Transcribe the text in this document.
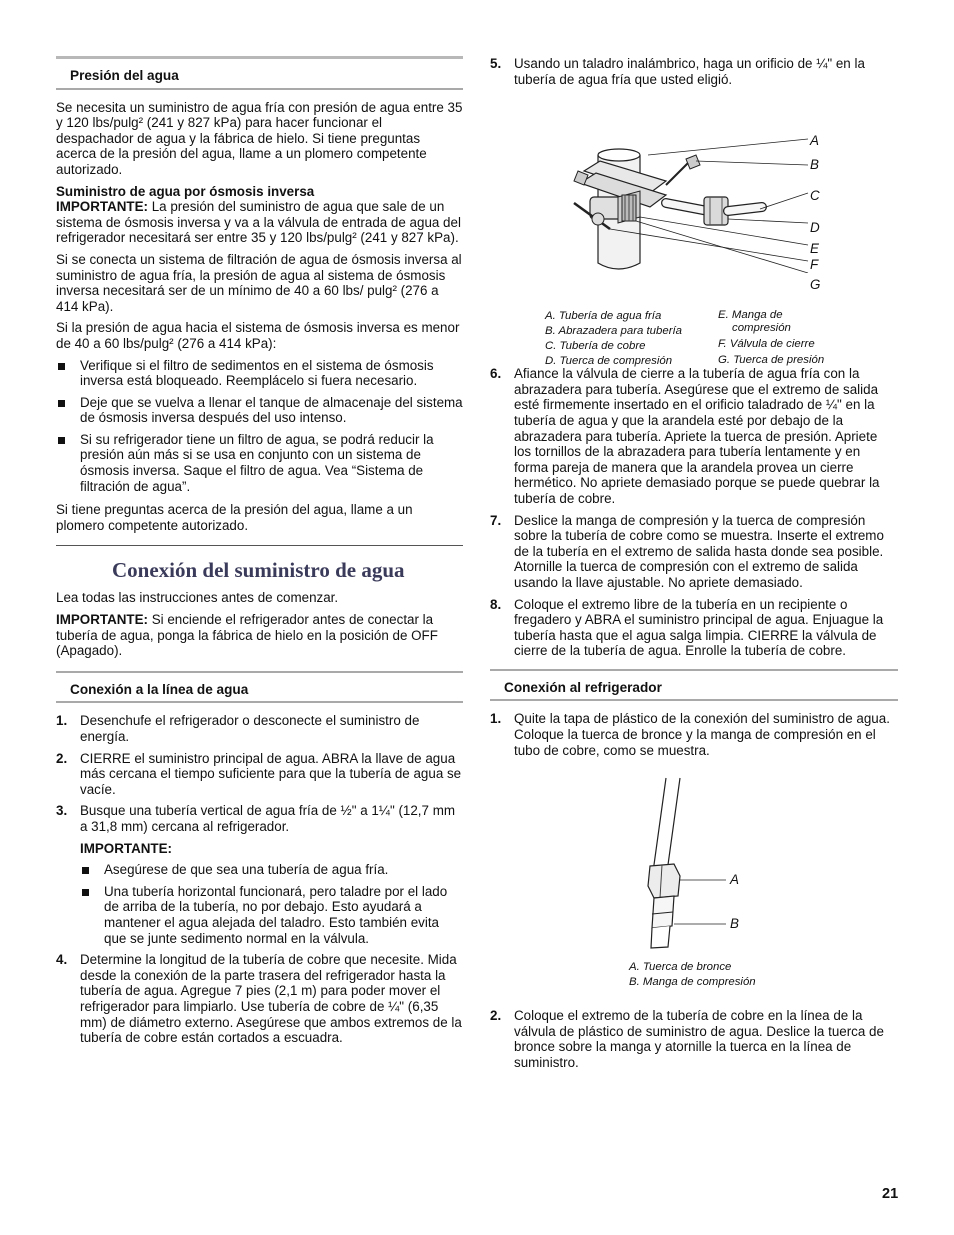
Presión del agua

Se necesita un suministro de agua fría con presión de agua entre 35 y 120 lbs/pulg² (241 y 827 kPa) para hacer funcionar el despachador de agua y la fábrica de hielo. Si tiene preguntas acerca de la presión del agua, llame a un plomero competente autorizado.

Suministro de agua por ósmosis inversa

IMPORTANTE: La presión del suministro de agua que sale de un sistema de ósmosis inversa y va a la válvula de entrada de agua del refrigerador necesitará ser entre 35 y 120 lbs/pulg² (241 y 827 kPa).

Si se conecta un sistema de filtración de agua de ósmosis inversa al suministro de agua fría, la presión de agua al sistema de ósmosis inversa necesitará ser de un mínimo de 40 a 60 lbs/ pulg² (276 a 414 kPa).

Si la presión de agua hacia el sistema de ósmosis inversa es menor de 40 a 60 lbs/pulg² (276 a 414 kPa):

Verifique si el filtro de sedimentos en el sistema de ósmosis inversa está bloqueado. Reemplácelo si fuera necesario.
Deje que se vuelva a llenar el tanque de almacenaje del sistema de ósmosis inversa después del uso intenso.
Si su refrigerador tiene un filtro de agua, se podrá reducir la presión aún más si se usa en conjunto con un sistema de ósmosis inversa. Saque el filtro de agua. Vea “Sistema de filtración de agua”.

Si tiene preguntas acerca de la presión del agua, llame a un plomero competente autorizado.

Conexión del suministro de agua

Lea todas las instrucciones antes de comenzar.

IMPORTANTE: Si enciende el refrigerador antes de conectar la tubería de agua, ponga la fábrica de hielo en la posición de OFF (Apagado).

Conexión a la línea de agua
1. Desenchufe el refrigerador o desconecte el suministro de energía.
2. CIERRE el suministro principal de agua. ABRA la llave de agua más cercana el tiempo suficiente para que la tubería de agua se vacíe.
3. Busque una tubería vertical de agua fría de ½" a 1¼" (12,7 mm a 31,8 mm) cercana al refrigerador.
IMPORTANTE:
Asegúrese de que sea una tubería de agua fría.
Una tubería horizontal funcionará, pero taladre por el lado de arriba de la tubería, no por debajo. Esto ayudará a mantener el agua alejada del taladro. Esto también evita que se junte sedimento normal en la válvula.
4. Determine la longitud de la tubería de cobre que necesite. Mida desde la conexión de la parte trasera del refrigerador hasta la tubería de agua. Agregue 7 pies (2,1 m) para poder mover el refrigerador para limpiarlo. Use tubería de cobre de ¼" (6,35 mm) de diámetro externo. Asegúrese que ambos extremos de la tubería de cobre están cortados a escuadra.
5. Usando un taladro inalámbrico, haga un orificio de ¼" en la tubería de agua fría que usted eligió.
A
B
C
D
E
F
G
A. Tubería de agua fría
B. Abrazadera para tubería
C. Tubería de cobre
D. Tuerca de compresión
E. Manga de
compresión
F. Válvula de cierre
G. Tuerca de presión
6. Afiance la válvula de cierre a la tubería de agua fría con la abrazadera para tubería. Asegúrese que el extremo de salida esté firmemente insertado en el orificio taladrado de ¼" en la tubería de agua y que la arandela esté por debajo de la abrazadera para tubería. Apriete la tuerca de presión. Apriete los tornillos de la abrazadera para tubería lentamente y en forma pareja de manera que la arandela provea un cierre hermético. No apriete demasiado porque se puede quebrar la tubería de cobre.
7. Deslice la manga de compresión y la tuerca de compresión sobre la tubería de cobre como se muestra. Inserte el extremo de la tubería en el extremo de salida hasta donde sea posible. Atornille la tuerca de compresión con el extremo de salida usando la llave ajustable. No apriete demasiado.
8. Coloque el extremo libre de la tubería en un recipiente o fregadero y ABRA el suministro principal de agua. Enjuague la tubería hasta que el agua salga limpia. CIERRE la válvula de cierre de la tubería de agua. Enrolle la tubería de cobre.
Conexión al refrigerador
1. Quite la tapa de plástico de la conexión del suministro de agua. Coloque la tuerca de bronce y la manga de compresión en el tubo de cobre, como se muestra.
A
B
A. Tuerca de bronce
B. Manga de compresión
2. Coloque el extremo de la tubería de cobre en la línea de la válvula de plástico de suministro de agua. Deslice la tuerca de bronce sobre la manga y atornille la tuerca en la línea de suministro.
21
